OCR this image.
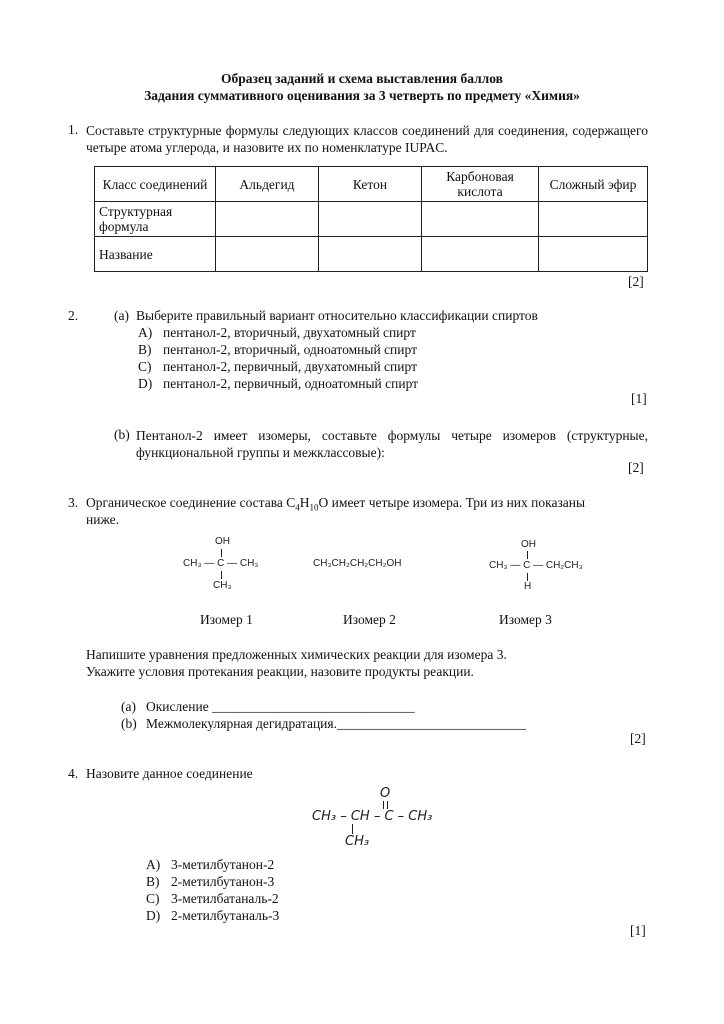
Образец заданий и схема выставления баллов
Задания суммативного оценивания за 3 четверть по предмету «Химия»
1. Составьте структурные формулы следующих классов соединений для соединения, содержащего четыре атома углерода, и назовите их по номенклатуре IUPAC.
Класс соединений	Альдегид	Кетон	Карбоновая кислота	Сложный эфир
Структурная формула				
Название				
[2]
2.	(a) Выберите правильный вариант относительно классификации спиртов
A) пентанол-2, вторичный, двухатомный спирт
B) пентанол-2, вторичный, одноатомный спирт
C) пентанол-2, первичный, двухатомный спирт
D) пентанол-2, первичный, одноатомный спирт
[1]
(b) Пентанол-2 имеет изомеры, составьте формулы четыре изомеров (структурные, функциональной группы и межклассовые):
[2]
3. Органическое соединение состава $C_4H_{10}O$ имеет четыре изомера. Три из них показаны
ниже.
OH
CH₃ — C — CH₃
CH₃
CH₃CH₂CH₂CH₂OH
OH
CH₃ — C — CH₂CH₃
H
Изомер 1	Изомер 2	Изомер 3
Напишите уравнения предложенных химических реакции для изомера 3.
Укажите условия протекания реакции, назовите продукты реакции.
(a) Окисление ______________________________
(b) Межмолекулярная дегидратация.____________________________
[2]
4. Назовите данное соединение
O
CH₃ – CH – C – CH₃
CH₃
A) 3-метилбутанон-2
B) 2-метилбутанон-3
C) 3-метилбатаналь-2
D) 2-метилбутаналь-3
[1]
